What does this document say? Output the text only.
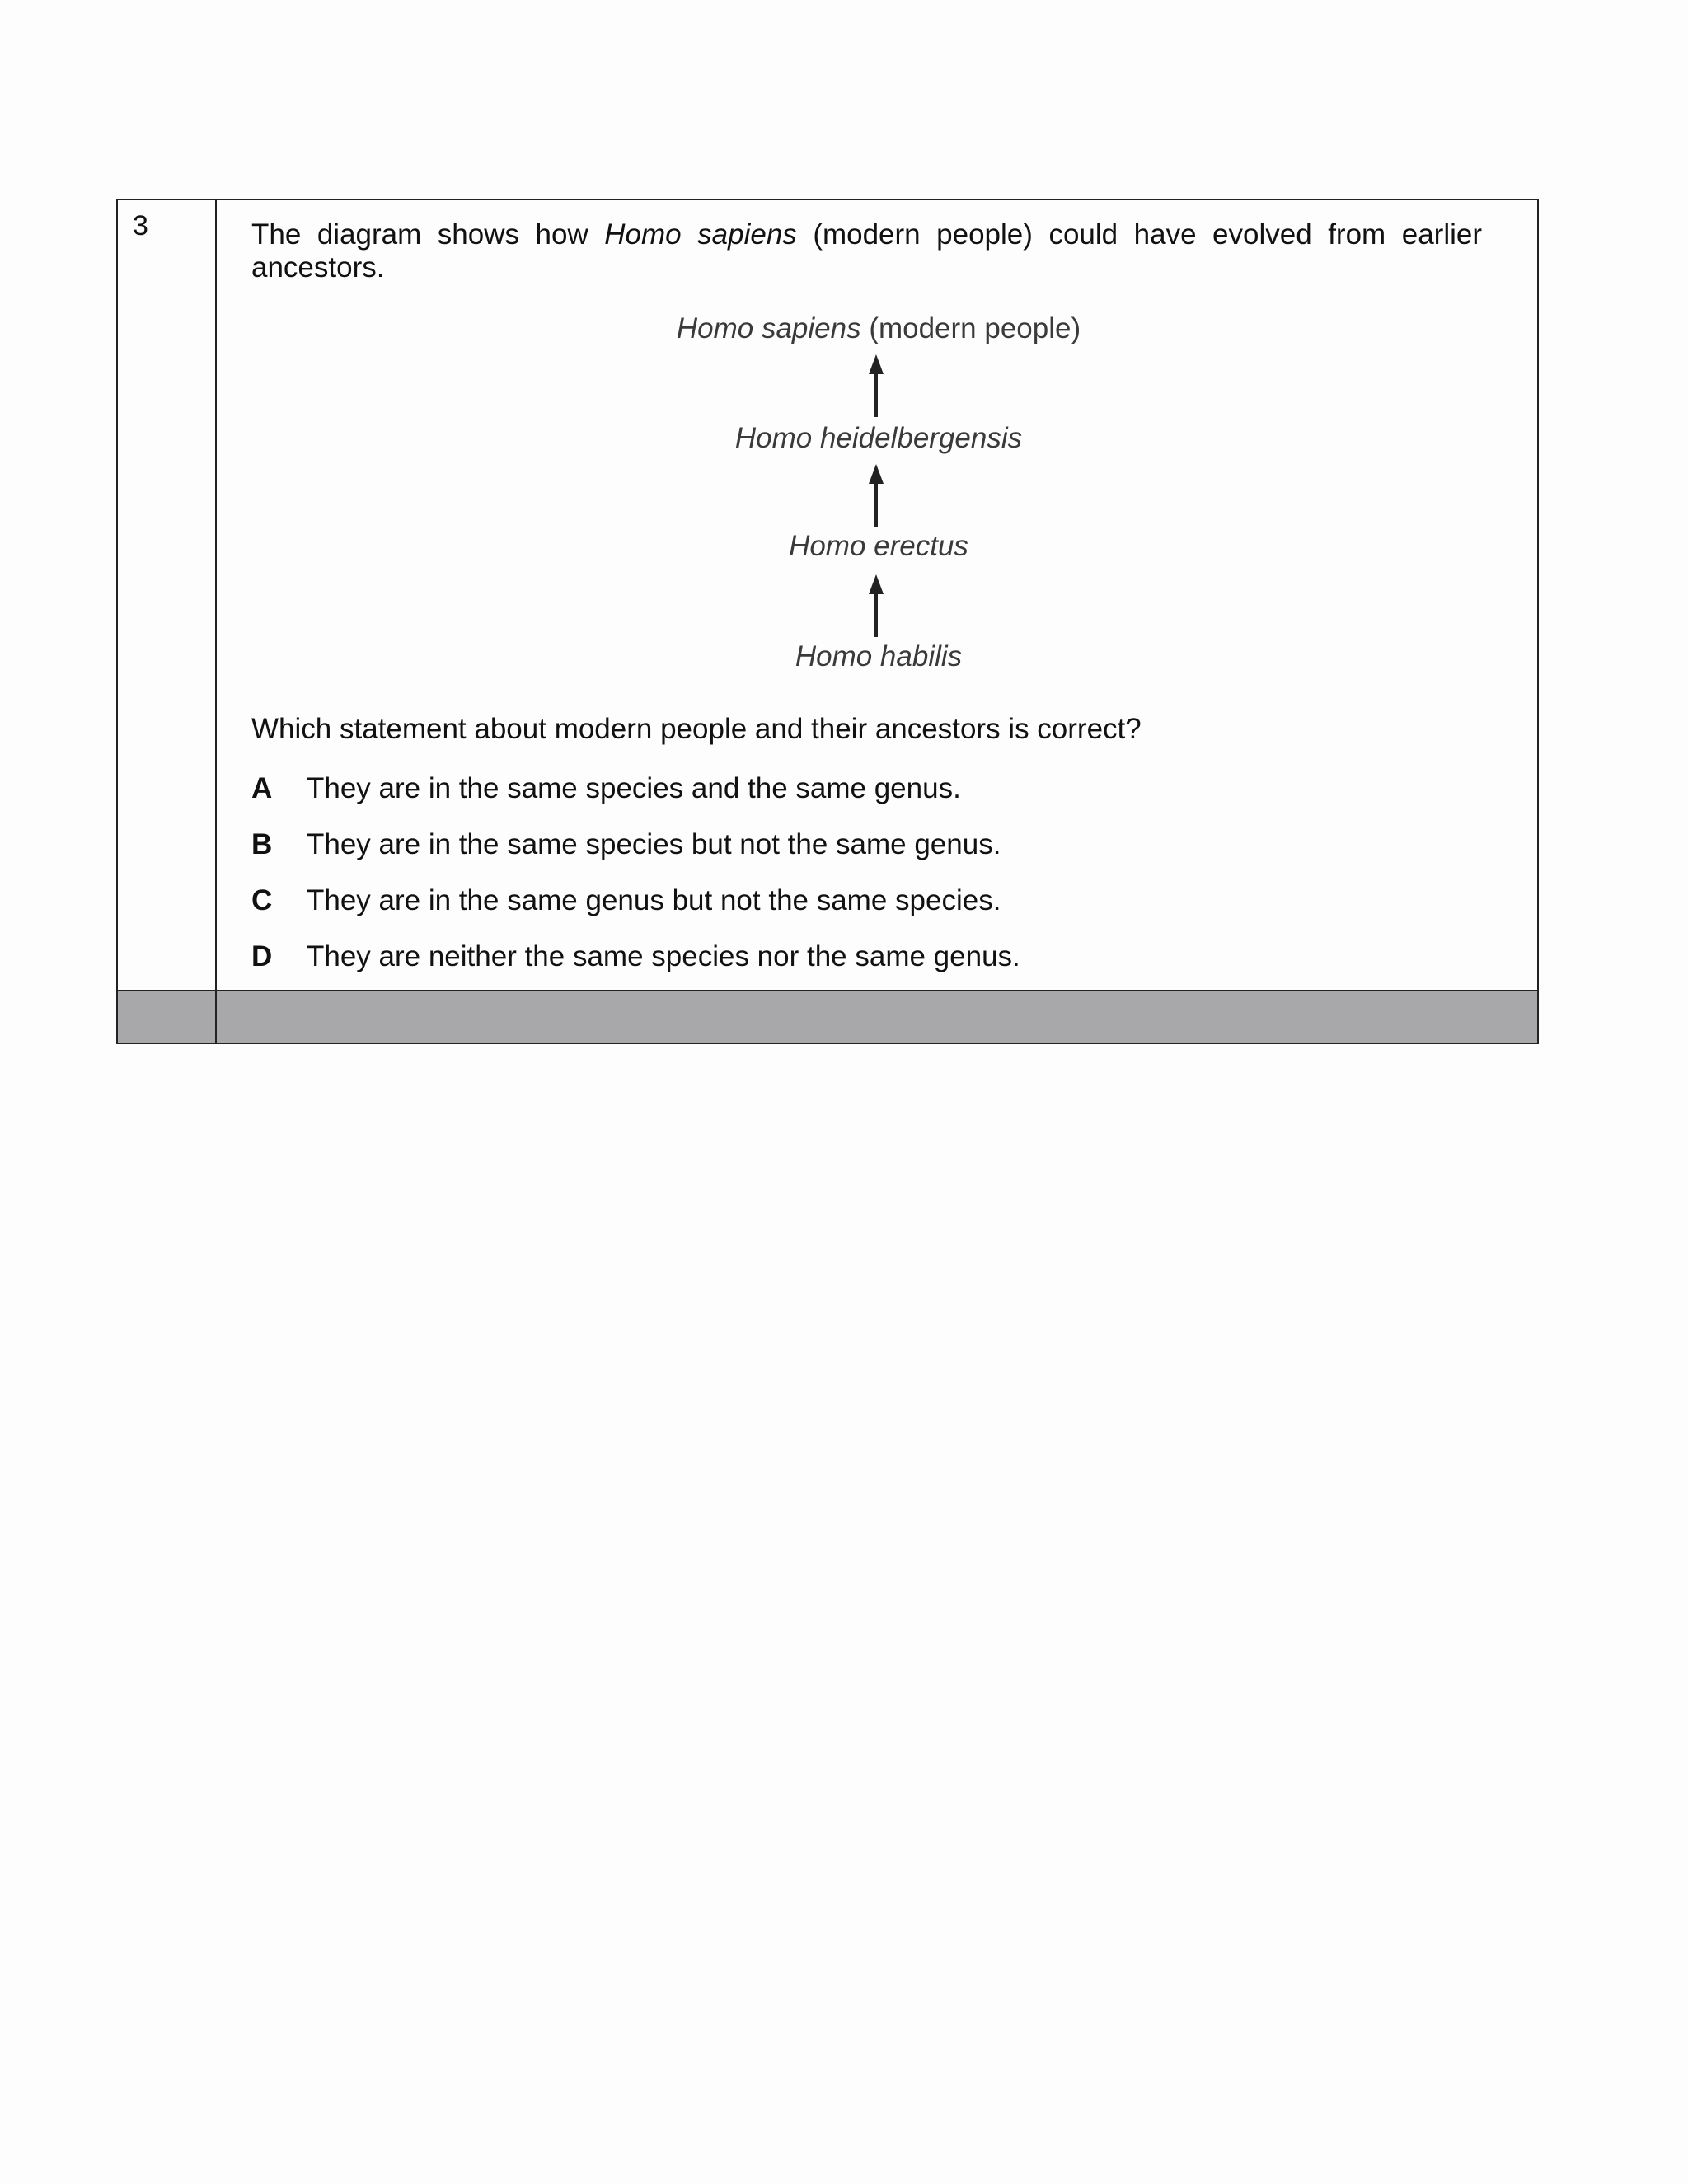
3	The diagram shows how Homo sapiens (modern people) could have evolved from earlier ancestors.

Homo sapiens (modern people)
Homo heidelbergensis
Homo erectus
Homo habilis

Which statement about modern people and their ancestors is correct?

A They are in the same species and the same genus.
B They are in the same species but not the same genus.
C They are in the same genus but not the same species.
D They are neither the same species nor the same genus.
